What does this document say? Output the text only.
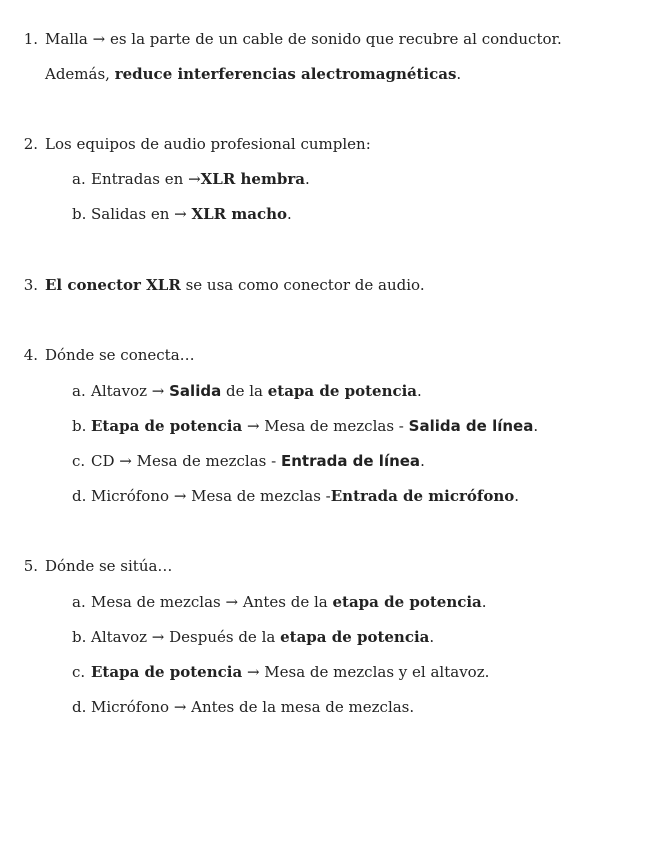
1. Malla → es la parte de un cable de sonido que recubre al conductor.
Además, reduce interferencias alectromagnéticas.
2. Los equipos de audio profesional cumplen:
a. Entradas en →XLR hembra.
b. Salidas en → XLR macho.
3. El conector XLR se usa como conector de audio.
4. Dónde se conecta…
a. Altavoz → Salida de la etapa de potencia.
b. Etapa de potencia → Mesa de mezclas - Salida de línea.
c. CD → Mesa de mezclas - Entrada de línea.
d. Micrófono → Mesa de mezclas -Entrada de micrófono.
5. Dónde se sitúa…
a. Mesa de mezclas → Antes de la etapa de potencia.
b. Altavoz → Después de la etapa de potencia.
c. Etapa de potencia → Mesa de mezclas y el altavoz.
d. Micrófono → Antes de la mesa de mezclas.
